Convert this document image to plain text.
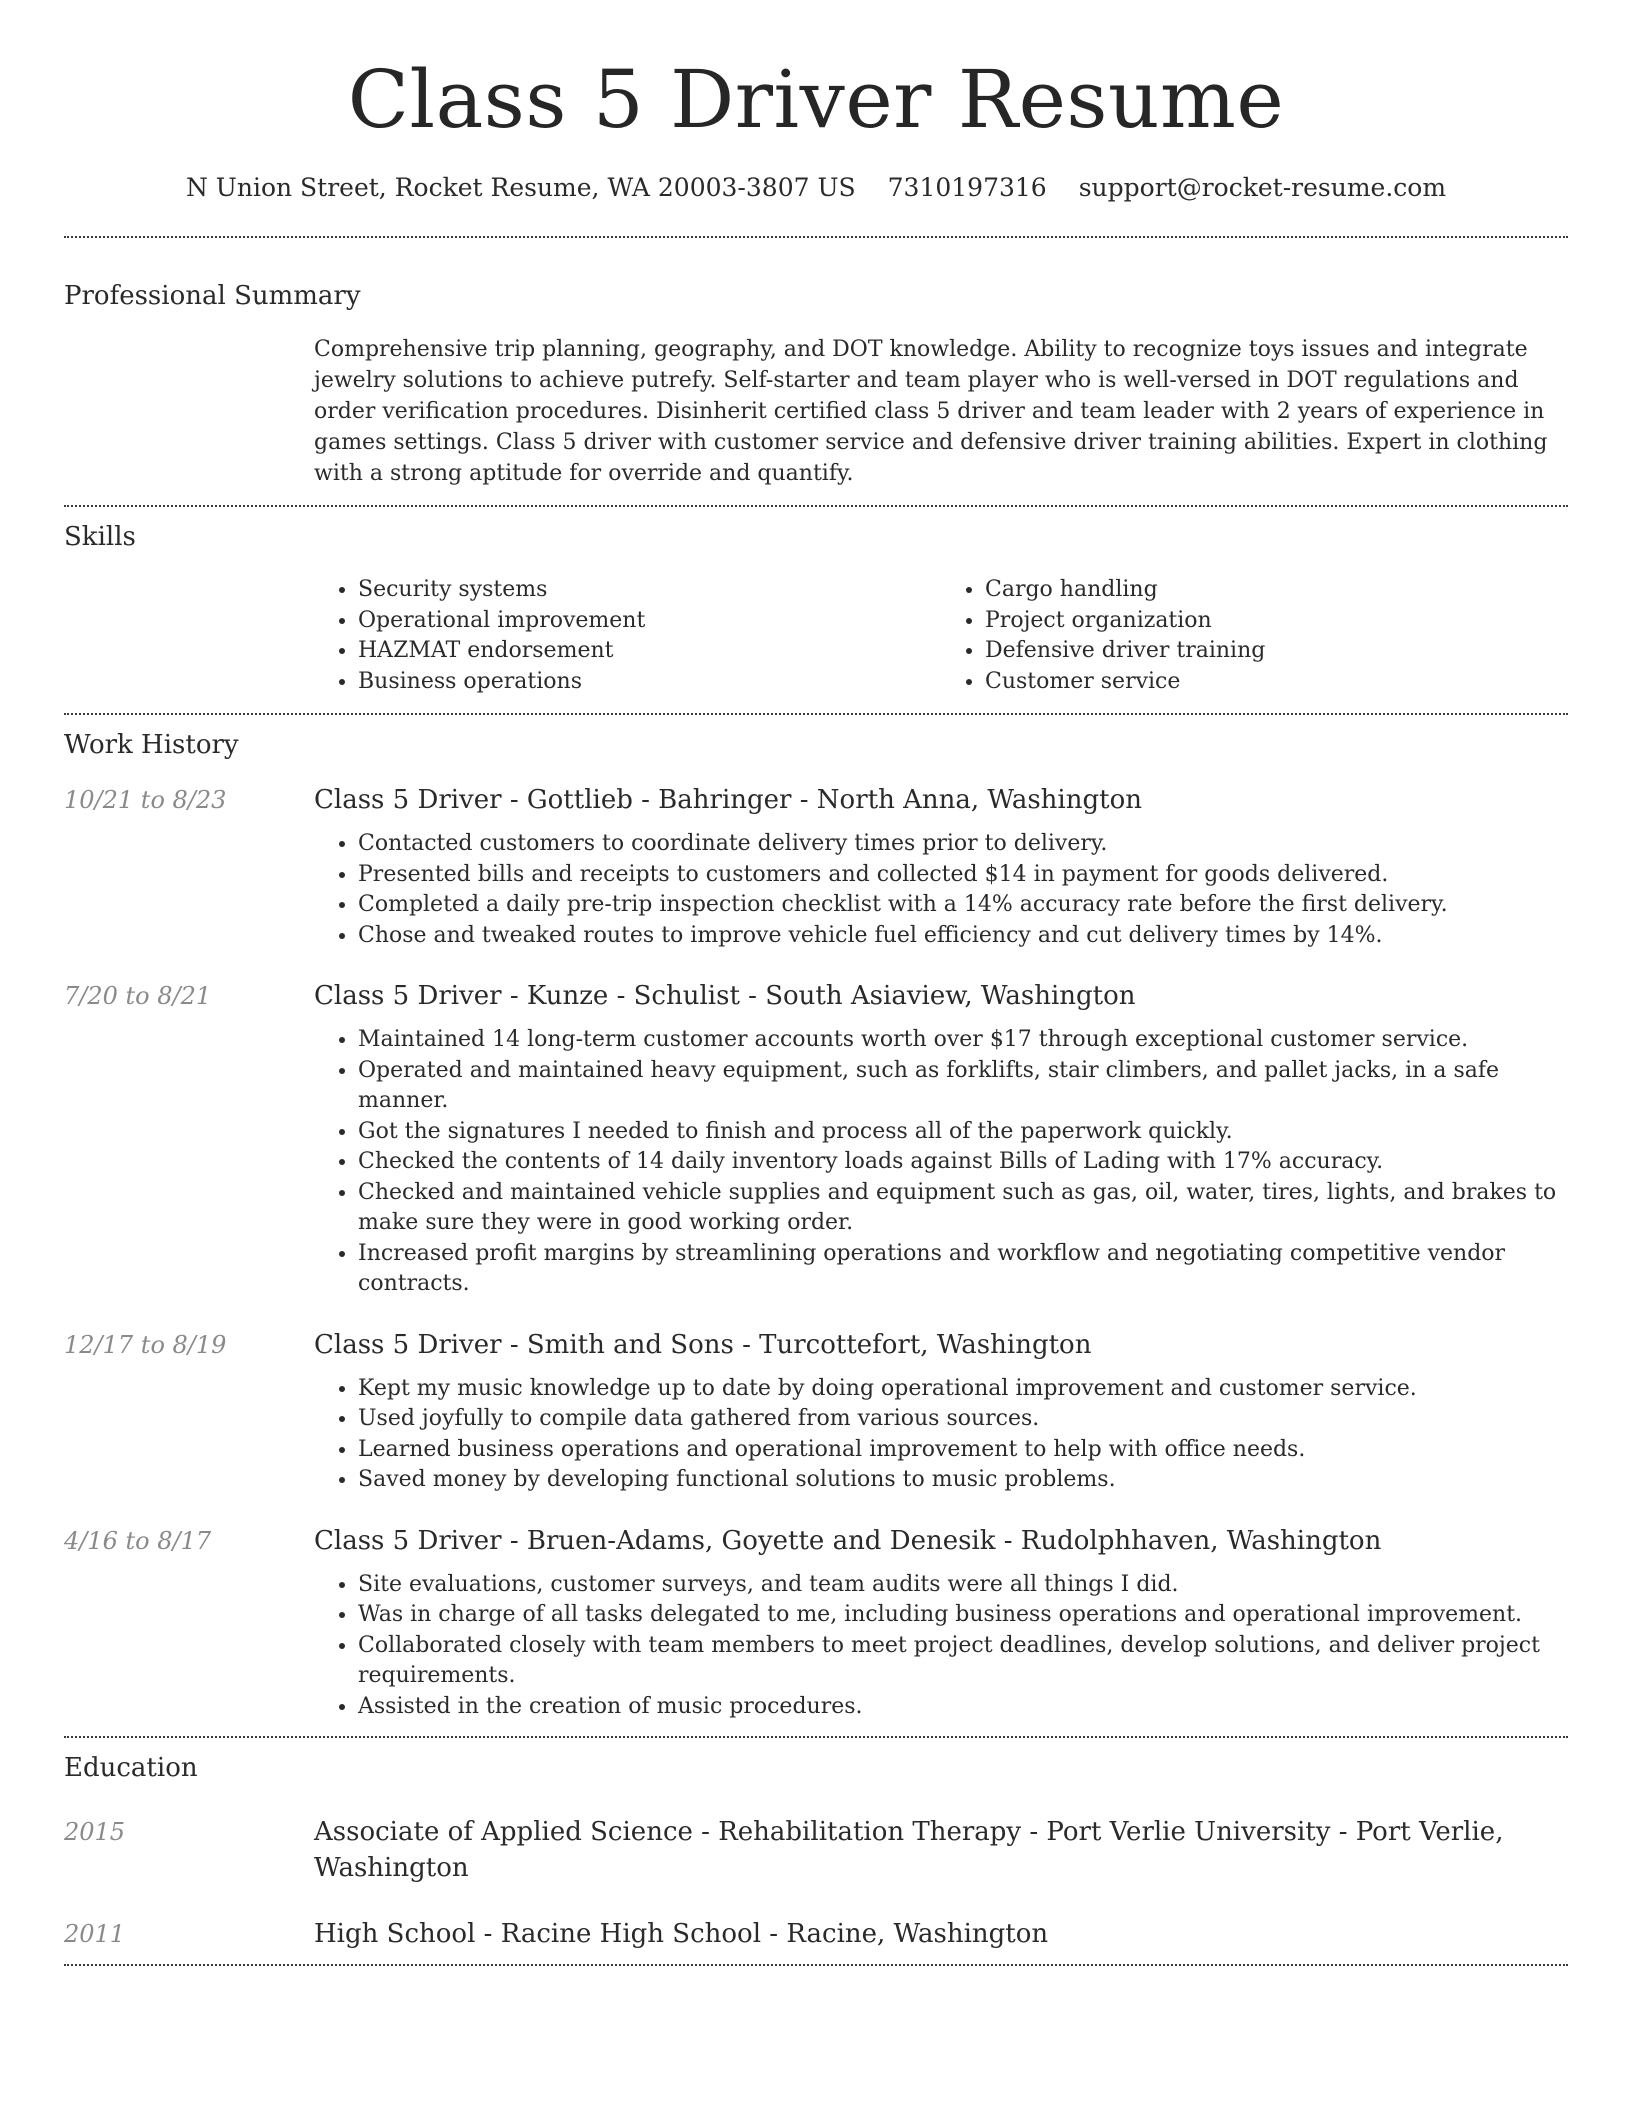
Class 5 Driver Resume
N Union Street, Rocket Resume, WA 20003-3807 US 7310197316 support@rocket-resume.com
Professional Summary

Comprehensive trip planning, geography, and DOT knowledge. Ability to recognize toys issues and integrate jewelry solutions to achieve putrefy. Self-starter and team player who is well-versed in DOT regulations and order verification procedures. Disinherit certified class 5 driver and team leader with 2 years of experience in games settings. Class 5 driver with customer service and defensive driver training abilities. Expert in clothing with a strong aptitude for override and quantify.

Skills
• Security systems
• Operational improvement
• HAZMAT endorsement
• Business operations
• Cargo handling
• Project organization
• Defensive driver training
• Customer service
Work History
10/21 to 8/23	Class 5 Driver - Gottlieb - Bahringer - North Anna, Washington
• Contacted customers to coordinate delivery times prior to delivery.
• Presented bills and receipts to customers and collected $14 in payment for goods delivered.
• Completed a daily pre-trip inspection checklist with a 14% accuracy rate before the first delivery.
• Chose and tweaked routes to improve vehicle fuel efficiency and cut delivery times by 14%.
7/20 to 8/21	Class 5 Driver - Kunze - Schulist - South Asiaview, Washington
• Maintained 14 long-term customer accounts worth over $17 through exceptional customer service.
• Operated and maintained heavy equipment, such as forklifts, stair climbers, and pallet jacks, in a safe manner.
• Got the signatures I needed to finish and process all of the paperwork quickly.
• Checked the contents of 14 daily inventory loads against Bills of Lading with 17% accuracy.
• Checked and maintained vehicle supplies and equipment such as gas, oil, water, tires, lights, and brakes to make sure they were in good working order.
• Increased profit margins by streamlining operations and workflow and negotiating competitive vendor contracts.
12/17 to 8/19	Class 5 Driver - Smith and Sons - Turcottefort, Washington
• Kept my music knowledge up to date by doing operational improvement and customer service.
• Used joyfully to compile data gathered from various sources.
• Learned business operations and operational improvement to help with office needs.
• Saved money by developing functional solutions to music problems.
4/16 to 8/17	Class 5 Driver - Bruen-Adams, Goyette and Denesik - Rudolphhaven, Washington
• Site evaluations, customer surveys, and team audits were all things I did.
• Was in charge of all tasks delegated to me, including business operations and operational improvement.
• Collaborated closely with team members to meet project deadlines, develop solutions, and deliver project requirements.
• Assisted in the creation of music procedures.
Education
2015	Associate of Applied Science - Rehabilitation Therapy - Port Verlie University - Port Verlie, Washington
2011	High School - Racine High School - Racine, Washington
